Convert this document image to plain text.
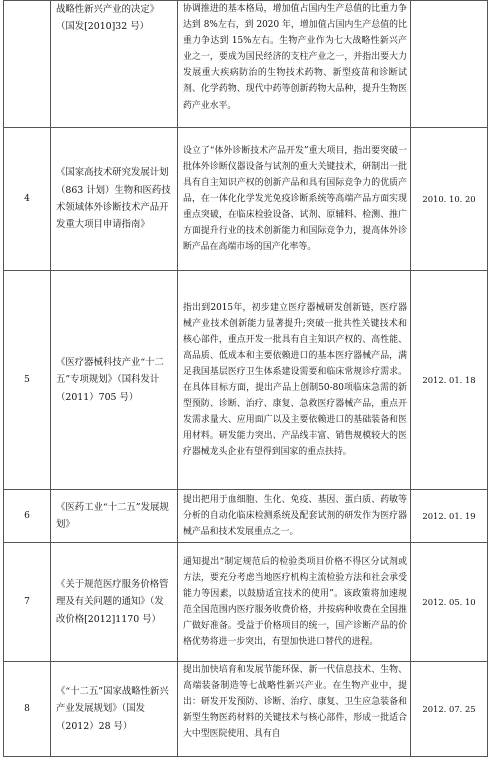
	战略性新兴产业的决定》（国发[2010]32 号）	协调推进的基本格局，增加值占国内生产总值的比重力争达到 8%左右，到 2020 年，增加值占国内生产总值的比重力争达到 15%左右。生物产业作为七大战略性新兴产业之一，要成为国民经济的支柱产业之一，并指出要大力发展重大疾病防治的生物技术药物、新型疫苗和诊断试剂、化学药物、现代中药等创新药物大品种，提升生物医药产业水平。	
4	《国家高技术研究发展计划（863 计划）生物和医药技术领域体外诊断技术产品开发重大项目申请指南》	设立了“体外诊断技术产品开发”重大项目，指出要突破一批体外诊断仪器设备与试剂的重大关键技术，研制出一批具有自主知识产权的创新产品和具有国际竞争力的优质产品，在一体化化学发光免疫诊断系统等高端产品方面实现重点突破，在临床检验设备、试剂、原辅料、检测、推广方面提升行业的技术创新能力和国际竞争力，提高体外诊断产品在高端市场的国产化率等。	2010. 10. 20
5	《医疗器械科技产业“十二五”专项规划》（国科发计（2011）705 号）	指出到2015年，初步建立医疗器械研发创新链，医疗器械产业技术创新能力显著提升;突破一批共性关键技术和核心部件，重点开发一批具有自主知识产权的、高性能、高品质、低成本和主要依赖进口的基本医疗器械产品，满足我国基层医疗卫生体系建设需要和临床常规诊疗需求。在具体目标方面，提出产品上创制50-80项临床急需的新型预防、诊断、治疗、康复、急救医疗器械产品，重点开发需求量大、应用面广以及主要依赖进口的基础装备和医用材料。研发能力突出、产品线丰富、销售规模较大的医疗器械龙头企业有望得到国家的重点扶持。	2012. 01. 18
6	《医药工业“十二五”发展规划》	提出把用于血细胞、生化、免疫、基因、蛋白质、药敏等分析的自动化临床检测系统及配套试剂的研发作为医疗器械产品和技术发展重点之一。	2012. 01. 19
7	《关于规范医疗服务价格管理及有关问题的通知》（发改价格[2012]1170 号）	通知提出“制定规范后的检验类项目价格不得区分试剂或方法，要充分考虑当地医疗机构主流检验方法和社会承受能力等因素，以鼓励适宜技术的使用”。该政策将加速规范全国范围内医疗服务收费价格，并按病种收费在全国推广做好准备。受益于价格项目的统一，国产诊断产品的价格优势将进一步突出，有望加快进口替代的进程。	2012. 05. 10
8	《“十二五”国家战略性新兴产业发展规划》（国发（2012）28 号）	提出加快培育和发展节能环保、新一代信息技术、生物、高端装备制造等七战略性新兴产业。在生物产业中，提出：研发开发预防、诊断、治疗、康复、卫生应急装备和新型生物医药材料的关键技术与核心部件，形成一批适合大中型医院使用、具有自	2012. 07. 25
